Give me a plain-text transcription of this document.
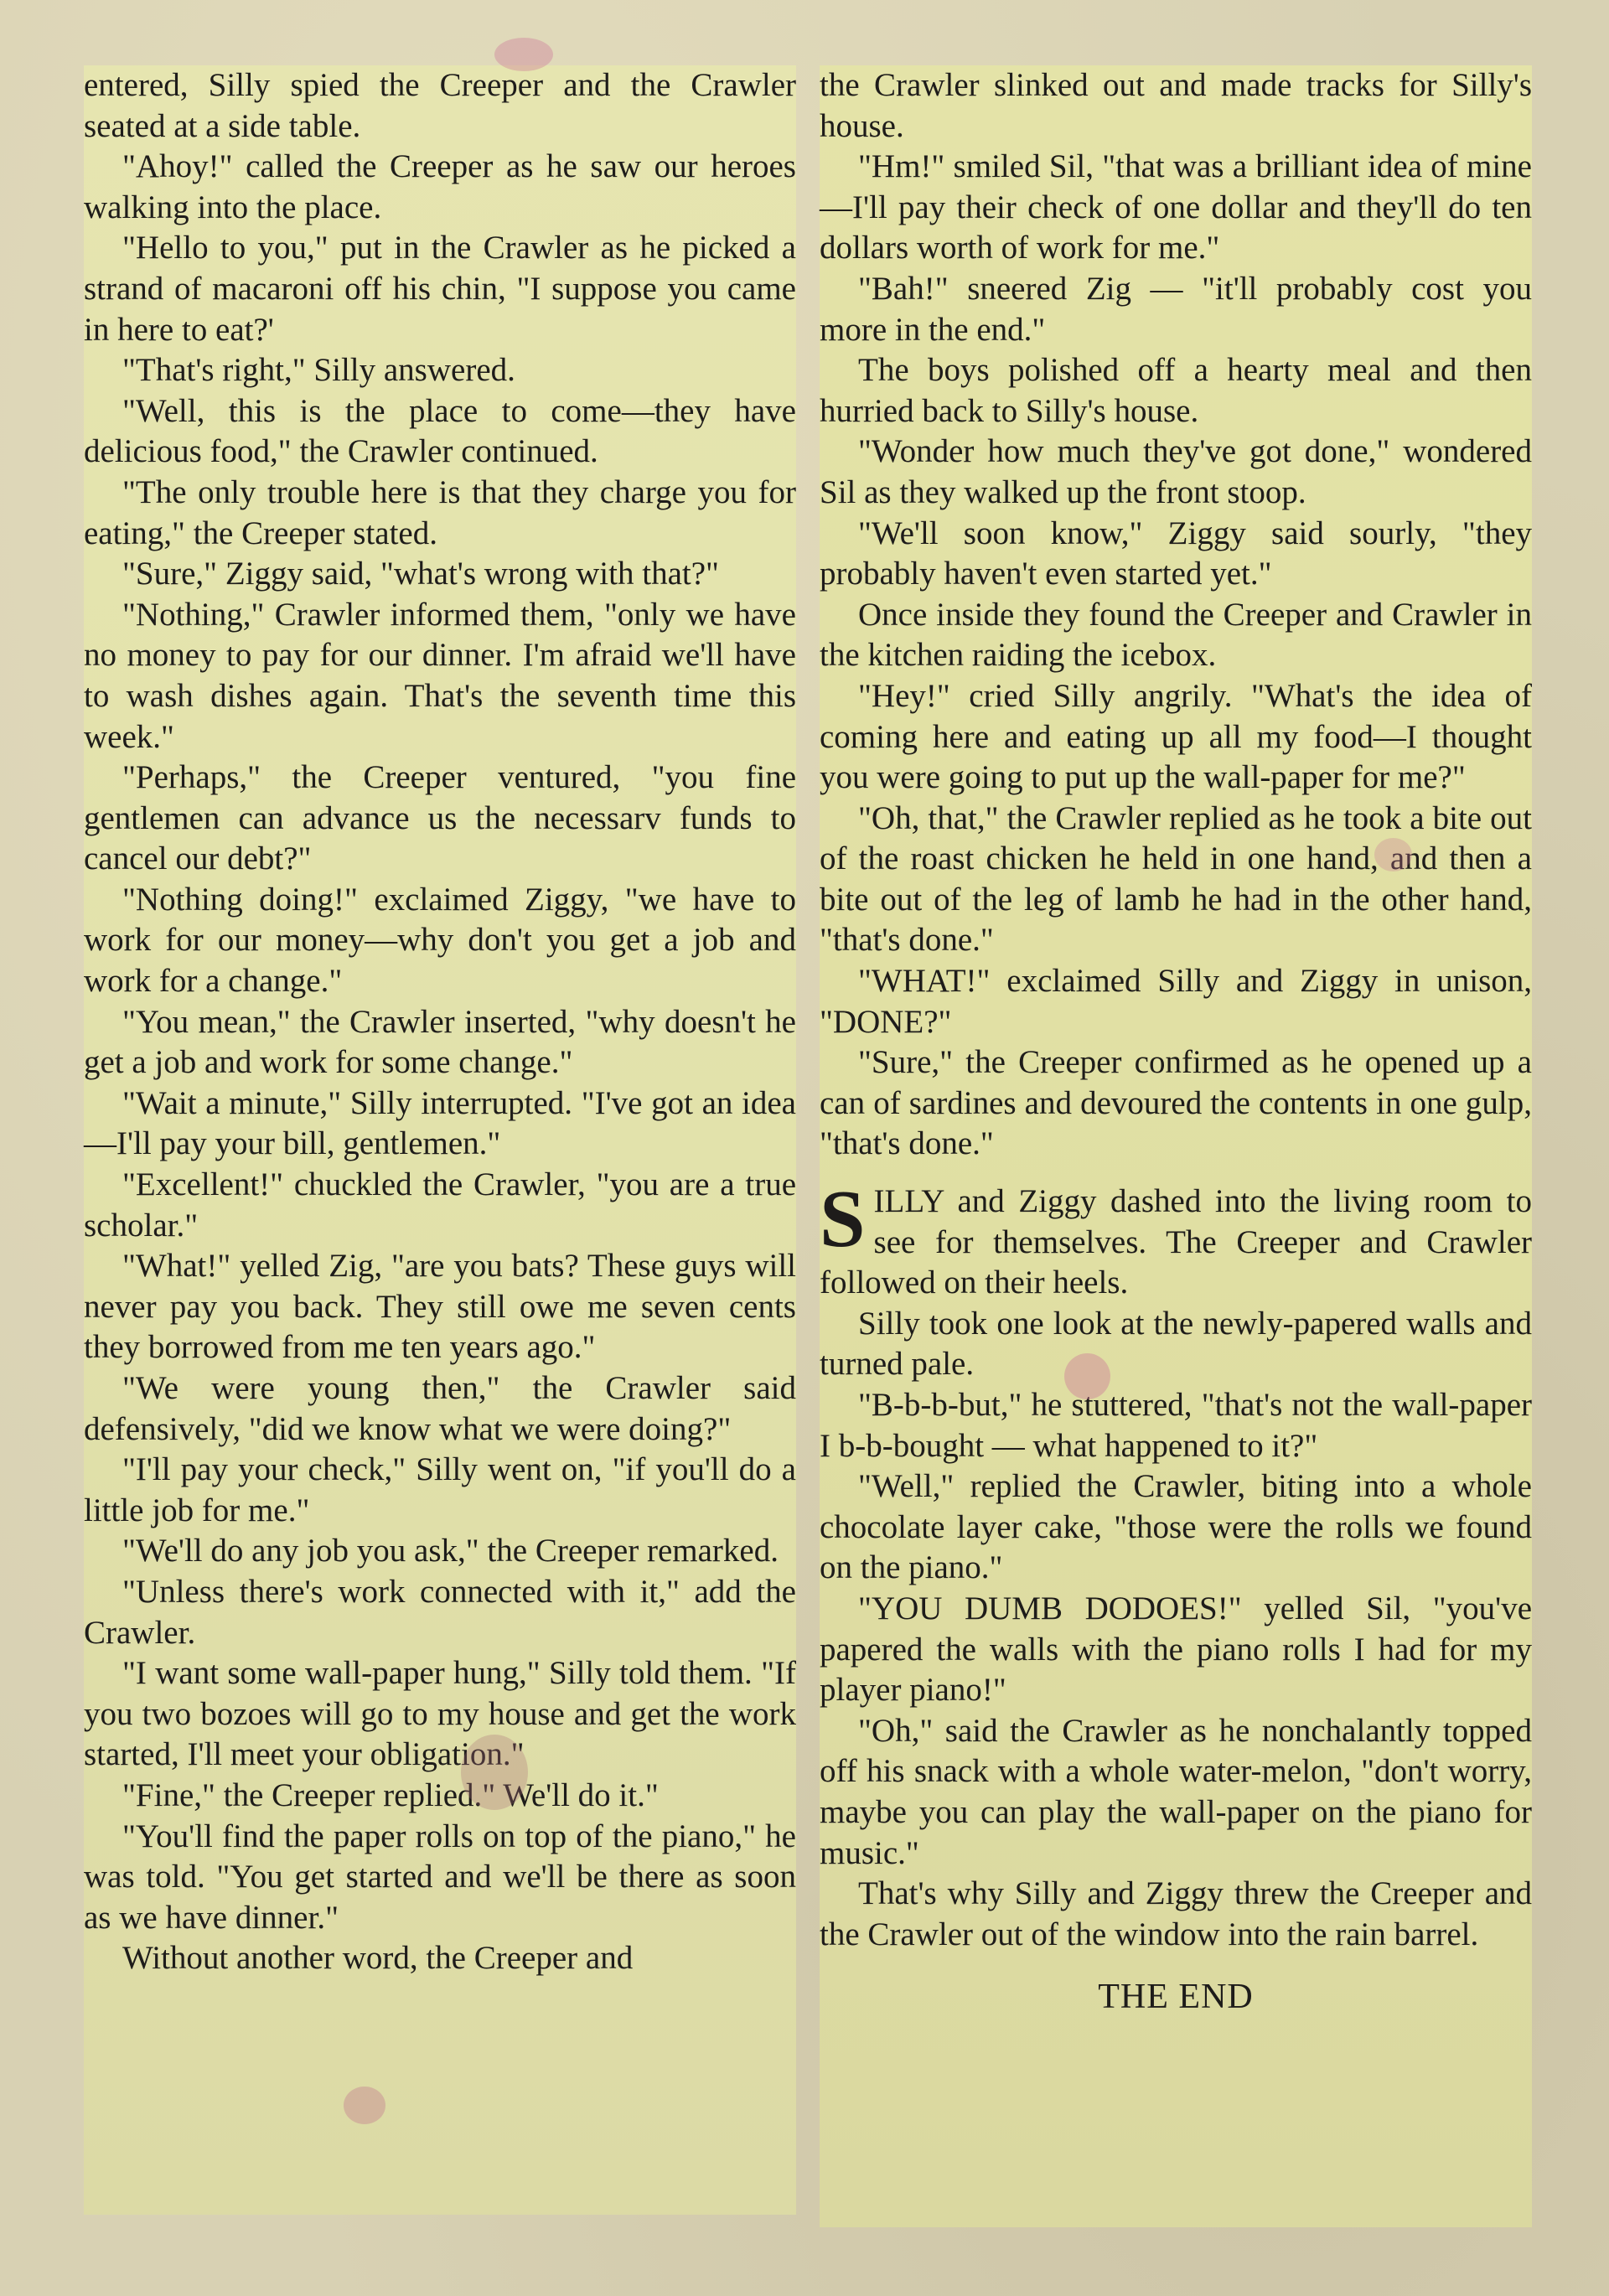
entered, Silly spied the Creeper and the Crawler seated at a side table.

"Ahoy!" called the Creeper as he saw our heroes walking into the place.

"Hello to you," put in the Crawler as he picked a strand of macaroni off his chin, "I suppose you came in here to eat?'

"That's right," Silly answered.

"Well, this is the place to come—they have delicious food," the Crawler continued.

"The only trouble here is that they charge you for eating," the Creeper stated.

"Sure," Ziggy said, "what's wrong with that?"

"Nothing," Crawler informed them, "only we have no money to pay for our dinner. I'm afraid we'll have to wash dishes again. That's the seventh time this week."

"Perhaps," the Creeper ventured, "you fine gentlemen can advance us the necessarv funds to cancel our debt?"

"Nothing doing!" exclaimed Ziggy, "we have to work for our money—why don't you get a job and work for a change."

"You mean," the Crawler inserted, "why doesn't he get a job and work for some change."

"Wait a minute," Silly interrupted. "I've got an idea—I'll pay your bill, gentlemen."

"Excellent!" chuckled the Crawler, "you are a true scholar."

"What!" yelled Zig, "are you bats? These guys will never pay you back. They still owe me seven cents they borrowed from me ten years ago."

"We were young then," the Crawler said defensively, "did we know what we were doing?"

"I'll pay your check," Silly went on, "if you'll do a little job for me."

"We'll do any job you ask," the Creeper remarked.

"Unless there's work connected with it," add the Crawler.

"I want some wall-paper hung," Silly told them. "If you two bozoes will go to my house and get the work started, I'll meet your obligation."

"Fine," the Creeper replied." We'll do it."

"You'll find the paper rolls on top of the piano," he was told. "You get started and we'll be there as soon as we have dinner."

Without another word, the Creeper and

the Crawler slinked out and made tracks for Silly's house.

"Hm!" smiled Sil, "that was a brilliant idea of mine—I'll pay their check of one dollar and they'll do ten dollars worth of work for me."

"Bah!" sneered Zig — "it'll probably cost you more in the end."

The boys polished off a hearty meal and then hurried back to Silly's house.

"Wonder how much they've got done," wondered Sil as they walked up the front stoop.

"We'll soon know," Ziggy said sourly, "they probably haven't even started yet."

Once inside they found the Creeper and Crawler in the kitchen raiding the icebox.

"Hey!" cried Silly angrily. "What's the idea of coming here and eating up all my food—I thought you were going to put up the wall-paper for me?"

"Oh, that," the Crawler replied as he took a bite out of the roast chicken he held in one hand, and then a bite out of the leg of lamb he had in the other hand, "that's done."

"WHAT!" exclaimed Silly and Ziggy in unison, "DONE?"

"Sure," the Creeper confirmed as he opened up a can of sardines and devoured the contents in one gulp, "that's done."

SILLY and Ziggy dashed into the living room to see for themselves. The Creeper and Crawler followed on their heels.

Silly took one look at the newly-papered walls and turned pale.

"B-b-b-but," he stuttered, "that's not the wall-paper I b-b-bought — what happened to it?"

"Well," replied the Crawler, biting into a whole chocolate layer cake, "those were the rolls we found on the piano."

"YOU DUMB DODOES!" yelled Sil, "you've papered the walls with the piano rolls I had for my player piano!"

"Oh," said the Crawler as he nonchalantly topped off his snack with a whole water-melon, "don't worry, maybe you can play the wall-paper on the piano for music."

That's why Silly and Ziggy threw the Creeper and the Crawler out of the window into the rain barrel.

THE END
